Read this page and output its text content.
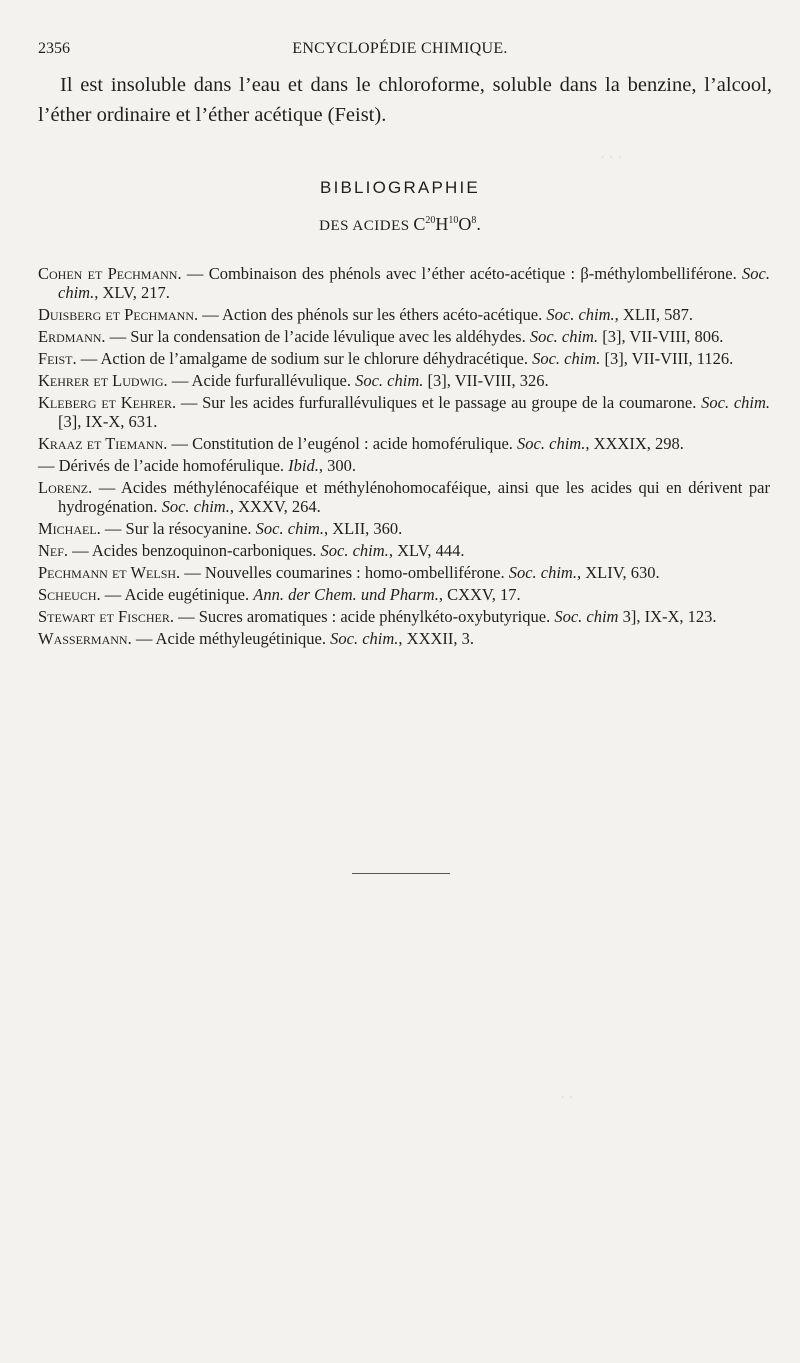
2356	ENCYCLOPÉDIE CHIMIQUE.
Il est insoluble dans l’eau et dans le chloroforme, soluble dans la benzine, l’alcool, l’éther ordinaire et l’éther acétique (Feist).
BIBLIOGRAPHIE
DES ACIDES $C^{20}H^{10}O^8$.

Cohen et Pechmann. — Combinaison des phénols avec l’éther acéto-acétique : β-méthylombelliférone. Soc. chim., XLV, 217.

Duisberg et Pechmann. — Action des phénols sur les éthers acéto-acétique. Soc. chim., XLII, 587.

Erdmann. — Sur la condensation de l’acide lévulique avec les aldéhydes. Soc. chim. [3], VII-VIII, 806.

Feist. — Action de l’amalgame de sodium sur le chlorure déhydracétique. Soc. chim. [3], VII-VIII, 1126.

Kehrer et Ludwig. — Acide furfurallévulique. Soc. chim. [3], VII-VIII, 326.

Kleberg et Kehrer. — Sur les acides furfurallévuliques et le passage au groupe de la coumarone. Soc. chim. [3], IX-X, 631.

Kraaz et Tiemann. — Constitution de l’eugénol : acide homoférulique. Soc. chim., XXXIX, 298.

— Dérivés de l’acide homoférulique. Ibid., 300.

Lorenz. — Acides méthylénocaféique et méthylénohomocaféique, ainsi que les acides qui en dérivent par hydrogénation. Soc. chim., XXXV, 264.

Michael. — Sur la résocyanine. Soc. chim., XLII, 360.

Nef. — Acides benzoquinon-carboniques. Soc. chim., XLV, 444.

Pechmann et Welsh. — Nouvelles coumarines : homo-ombelliférone. Soc. chim., XLIV, 630.

Scheuch. — Acide eugétinique. Ann. der Chem. und Pharm., CXXV, 17.

Stewart et Fischer. — Sucres aromatiques : acide phénylkéto-oxybutyrique. Soc. chim 3], IX-X, 123.

Wassermann. — Acide méthyleugétinique. Soc. chim., XXXII, 3.

· · ·
· ·
